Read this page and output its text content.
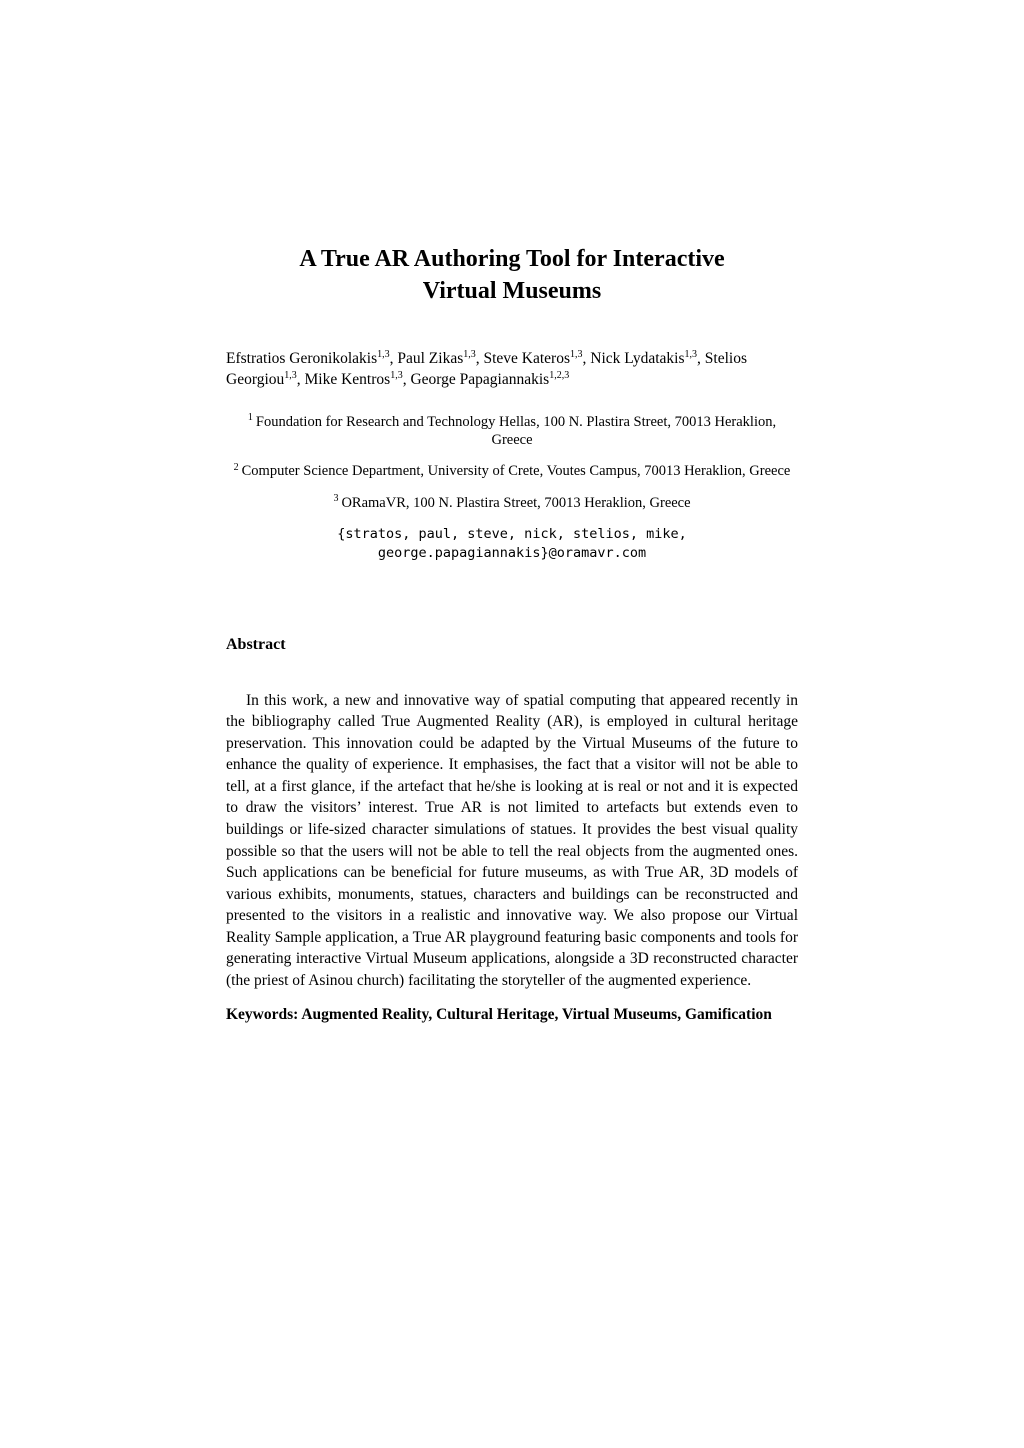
A True AR Authoring Tool for Interactive
Virtual Museums

Efstratios Geronikolakis$^{1,3}$, Paul Zikas$^{1,3}$, Steve Kateros$^{1,3}$, Nick Lydatakis$^{1,3}$, Stelios Georgiou$^{1,3}$, Mike Kentros$^{1,3}$, George Papagiannakis$^{1,2,3}$

$^1$ Foundation for Research and Technology Hellas, 100 N. Plastira Street, 70013 Heraklion, Greece
$^2$ Computer Science Department, University of Crete, Voutes Campus, 70013 Heraklion, Greece
$^3$ ORamaVR, 100 N. Plastira Street, 70013 Heraklion, Greece
{stratos, paul, steve, nick, stelios, mike,
george.papagiannakis}@oramavr.com
Abstract

In this work, a new and innovative way of spatial computing that appeared recently in the bibliography called True Augmented Reality (AR), is employed in cultural heritage preservation. This innovation could be adapted by the Virtual Museums of the future to enhance the quality of experience. It emphasises, the fact that a visitor will not be able to tell, at a first glance, if the artefact that he/she is looking at is real or not and it is expected to draw the visitors’ interest. True AR is not limited to artefacts but extends even to buildings or life-sized character simulations of statues. It provides the best visual quality possible so that the users will not be able to tell the real objects from the augmented ones. Such applications can be beneficial for future museums, as with True AR, 3D models of various exhibits, monuments, statues, characters and buildings can be reconstructed and presented to the visitors in a realistic and innovative way. We also propose our Virtual Reality Sample application, a True AR playground featuring basic components and tools for generating interactive Virtual Museum applications, alongside a 3D reconstructed character (the priest of Asinou church) facilitating the storyteller of the augmented experience.

Keywords: Augmented Reality, Cultural Heritage, Virtual Museums, Gamification
